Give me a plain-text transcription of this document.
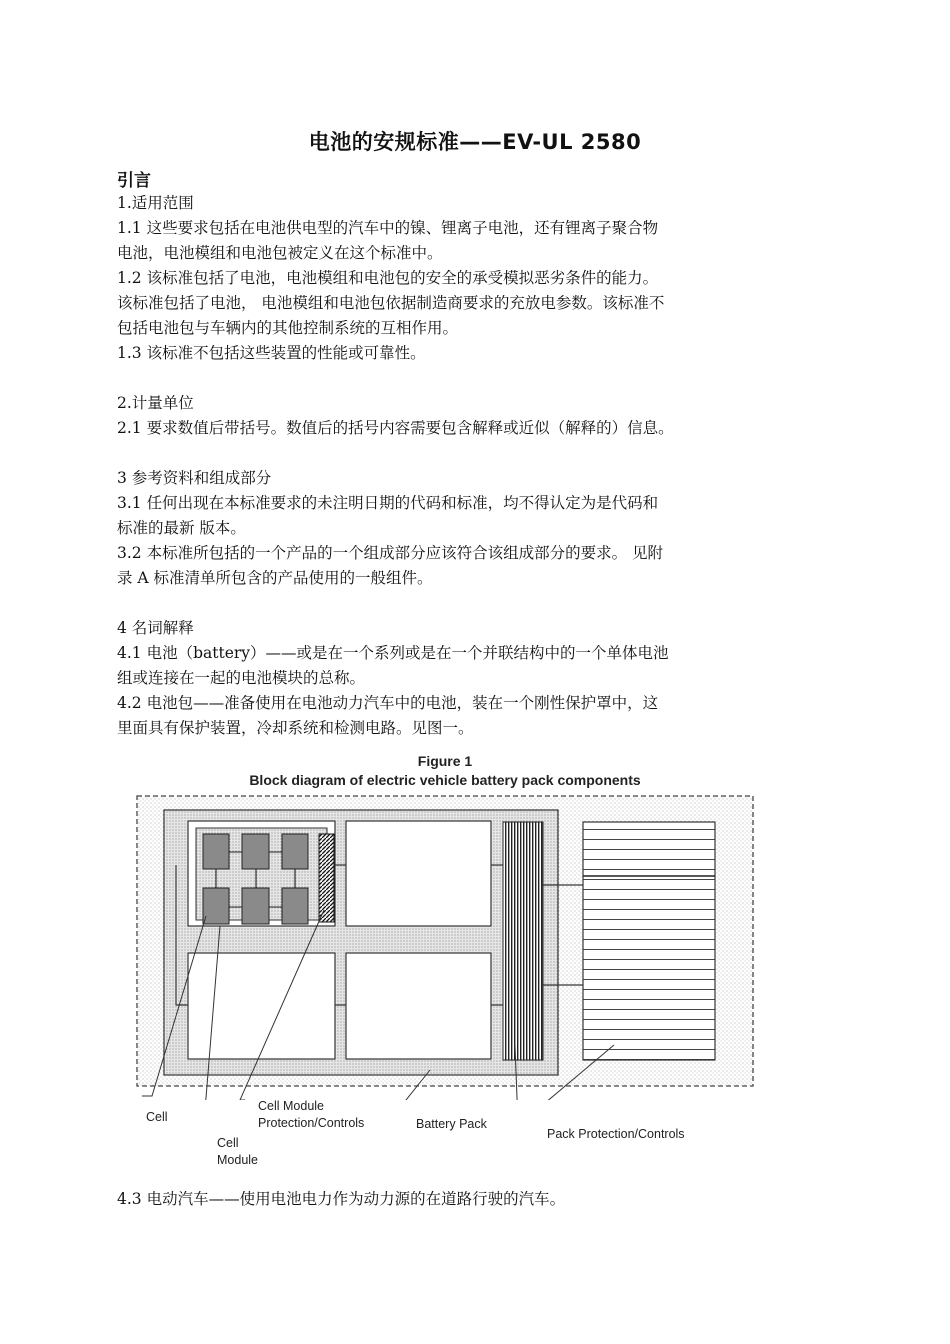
电池的安规标准——EV-UL 2580
引言

1.适用范围

1.1 这些要求包括在电池供电型的汽车中的镍、锂离子电池，还有锂离子聚合物

电池，电池模组和电池包被定义在这个标准中。

1.2 该标准包括了电池，电池模组和电池包的安全的承受模拟恶劣条件的能力。

该标准包括了电池， 电池模组和电池包依据制造商要求的充放电参数。该标准不

包括电池包与车辆内的其他控制系统的互相作用。

1.3 该标准不包括这些装置的性能或可靠性。

2.计量单位

2.1 要求数值后带括号。数值后的括号内容需要包含解释或近似（解释的）信息。

3 参考资料和组成部分

3.1 任何出现在本标准要求的未注明日期的代码和标准，均不得认定为是代码和

标准的最新 版本。

3.2 本标准所包括的一个产品的一个组成部分应该符合该组成部分的要求。 见附

录 A 标准清单所包含的产品使用的一般组件。

4 名词解释

4.1 电池（battery）——或是在一个系列或是在一个并联结构中的一个单体电池

组或连接在一起的电池模块的总称。

4.2 电池包——准备使用在电池动力汽车中的电池，装在一个刚性保护罩中，这

里面具有保护装置，冷却系统和检测电路。见图一。

Figure 1
Block diagram of electric vehicle battery pack components
Cell
Cell
Module
Cell Module
Protection/Controls	Battery Pack
Pack Protection/Controls
4.3 电动汽车——使用电池电力作为动力源的在道路行驶的汽车。
